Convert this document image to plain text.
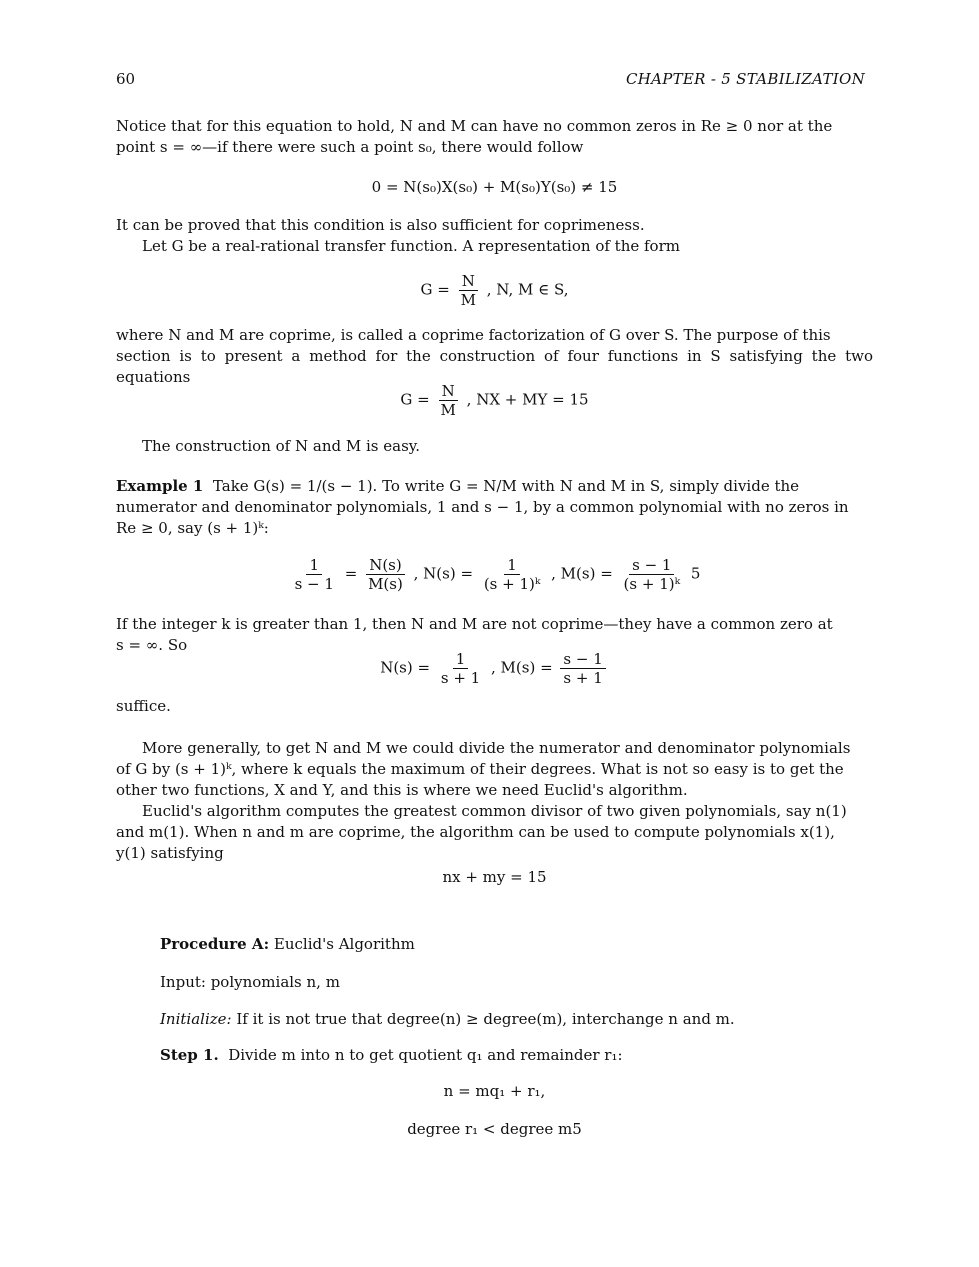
60	CHAPTER - 5 STABILIZATION

Notice that for this equation to hold, N and M can have no common zeros in Re ≥ 0 nor at the

point s = ∞—if there were such a point s₀, there would follow

0 = N(s₀)X(s₀) + M(s₀)Y(s₀) ≠ 15

It can be proved that this condition is also sufficient for coprimeness.

Let G be a real-rational transfer function. A representation of the form

$G = \frac{N}{M}$ , N, M ∈ S,

where N and M are coprime, is called a coprime factorization of G over S. The purpose of this

section is to present a method for the construction of four functions in S satisfying the two equations

$G = \frac{N}{M}$ , NX + MY = 15

The construction of N and M is easy.

Example 1 Take G(s) = 1/(s − 1). To write G = N/M with N and M in S, simply divide the

numerator and denominator polynomials, 1 and s − 1, by a common polynomial with no zeros in

Re ≥ 0, say (s + 1)ᵏ:

$\frac{1}{s - 1} = \frac{N(s)}{M(s)}$ , $N(s) = \frac{1}{\text{(s + 1)ᵏ}}$ , $M(s) = \frac{s - 1}{\text{(s + 1)ᵏ}} 5$

If the integer k is greater than 1, then N and M are not coprime—they have a common zero at

s = ∞. So

$N(s) = \frac{1}{s + 1}$ , $M(s) = \frac{s - 1}{s + 1}$

suffice.

More generally, to get N and M we could divide the numerator and denominator polynomials

of G by (s + 1)ᵏ, where k equals the maximum of their degrees. What is not so easy is to get the

other two functions, X and Y, and this is where we need Euclid's algorithm.

Euclid's algorithm computes the greatest common divisor of two given polynomials, say n(1)

and m(1). When n and m are coprime, the algorithm can be used to compute polynomials x(1),

y(1) satisfying

nx + my = 15
Procedure A: Euclid's Algorithm
Input: polynomials n, m
Initialize: If it is not true that degree(n) ≥ degree(m), interchange n and m.
Step 1. Divide m into n to get quotient q₁ and remainder r₁:
n = mq₁ + r₁,
degree r₁ < degree m5
